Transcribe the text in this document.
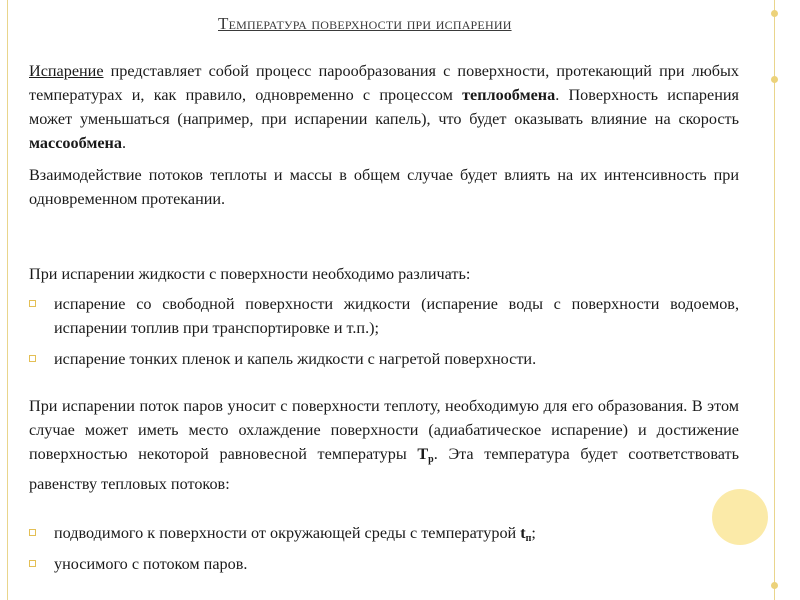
Температура поверхности при испарении
Испарение представляет собой процесс парообразования с поверхности, протекающий при любых температурах и, как правило, одновременно с процессом теплообмена. Поверхность испарения может уменьшаться (например, при испарении капель), что будет оказывать влияние на скорость массообмена.
Взаимодействие потоков теплоты и массы в общем случае будет влиять на их интенсивность при одновременном протекании.
При испарении жидкости с поверхности необходимо различать:
испарение со свободной поверхности жидкости (испарение воды с поверхности водоемов, испарении топлив при транспортировке и т.п.);
испарение тонких пленок и капель жидкости с нагретой поверхности.
При испарении поток паров уносит с поверхности теплоту, необходимую для его образования. В этом случае может иметь место охлаждение поверхности (адиабатическое испарение) и достижение поверхностью некоторой равновесной температуры $T_р$. Эта температура будет соответствовать равенству тепловых потоков:
подводимого к поверхности от окружающей среды с температурой $t_п$;
уносимого с потоком паров.
